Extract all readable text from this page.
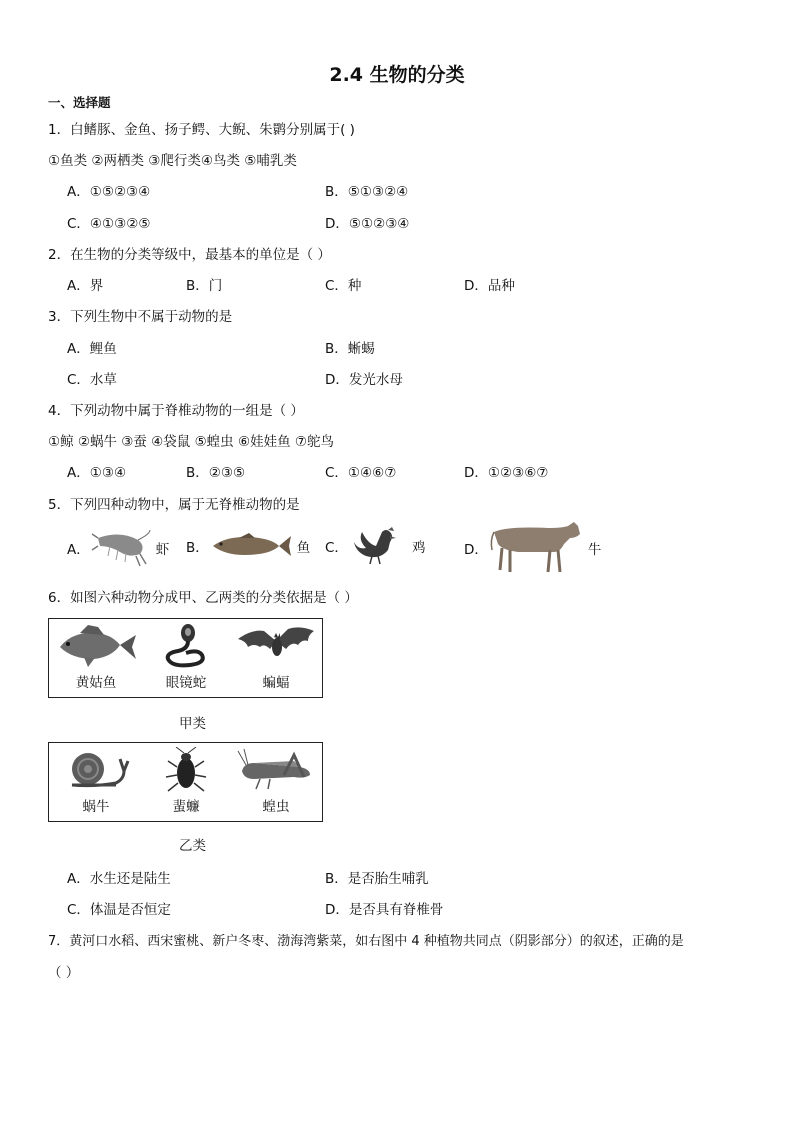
2.4 生物的分类
一、选择题
1．白鳍豚、金鱼、扬子鳄、大鲵、朱鹮分别属于( )
①鱼类 ②两栖类 ③爬行类④鸟类 ⑤哺乳类
A．①⑤②③④	B．⑤①③②④
C．④①③②⑤	D．⑤①②③④
2．在生物的分类等级中，最基本的单位是（ ）
A．界	B．门	C．种	D．品种
3．下列生物中不属于动物的是
A．鲤鱼	B．蜥蜴
C．水草	D．发光水母
4．下列动物中属于脊椎动物的一组是（ ）
①鲸 ②蜗牛 ③蚕 ④袋鼠 ⑤蝗虫 ⑥娃娃鱼 ⑦鸵鸟
A．①③④	B．②③⑤	C．①④⑥⑦	D．①②③⑥⑦
5．下列四种动物中，属于无脊椎动物的是
A．	虾 B．	鱼 C．	鸡	D．	牛
6．如图六种动物分成甲、乙两类的分类依据是（ ）
黄姑鱼	眼镜蛇	蝙蝠
甲类
蜗牛	蜚蠊	蝗虫
乙类
A．水生还是陆生	B．是否胎生哺乳
C．体温是否恒定	D．是否具有脊椎骨
7．黄河口水稻、西宋蜜桃、新户冬枣、渤海湾紫菜，如右图中 4 种植物共同点（阴影部分）的叙述，正确的是
（ ）
